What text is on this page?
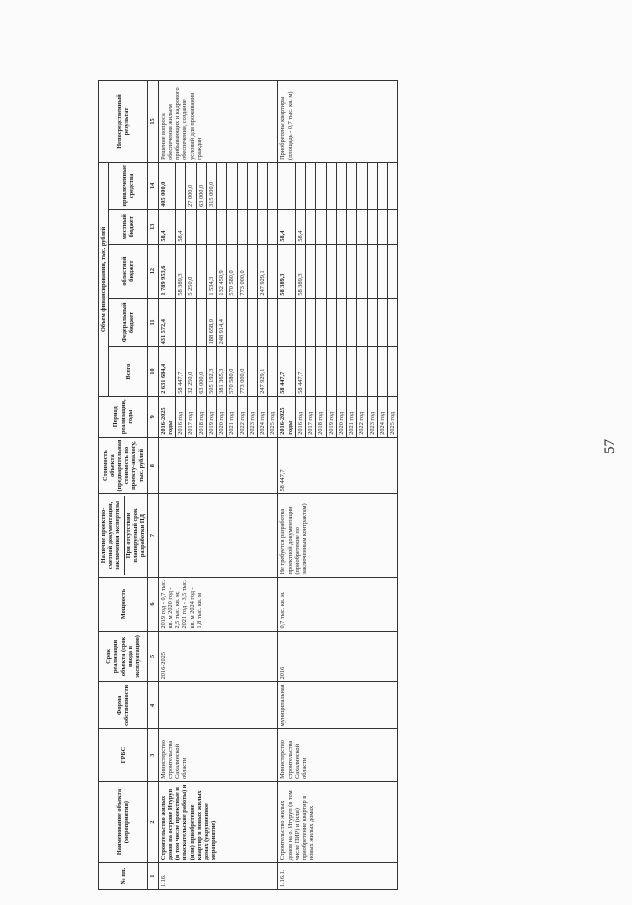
57
№ пп.	Наименование объекта (мероприятия)	ГРБС	Форма собственности	Срок реализации объекта (срок ввода в эксплуатацию)	Мощность	Наличие проектно-сметной документации, заключения экспертизы При отсутствии планируемый срок разработки ПД	Стоимость объекта (предварительная стоимость по проекту-аналогу, тыс. рублей	Период реализации, годы	Объем финансирования, тыс. рублей					Непосредственный результат
									Всего	Федеральный бюджет	областной бюджет	местный бюджет	привлеченные средства	

1	2	3	4	5	6	7	8	9	10	11	12	13	14	15
1.16.	Строительство жилых домов на острове Итуруп (в том числе проектные и изыскательские работы) и (или) приобретение квартир в новых жилых домах (укрупненное мероприятие)	Министерство строительства Сахалинской области		2016-2025	2019 год - 0,7 тыс. кв. м 2020 год - 2,5 тыс. кв. м; 2021 год - 3,5 тыс. кв. м 2024 год - 1,8 тыс. кв. м			2016-2025 годы	2 631 684,4	431 572,4	1 789 953,6	58,4	405 000,0	Решение вопроса обеспечения жильем прибывающих и кадрового обеспечения, создание условий для проживания граждан
								2016 год	58 447,7		58 389,3	58,4		
								2017 год	32 250,0		5 250,0		27 000,0	
								2018 год	63 000,0				63 000,0	
								2019 год	505 192,3	188 658,0	1 534,3		315 000,0	
								2020 год	381 365,3	248 914,4	132 450,9			
								2021 год	570 580,0		570 580,0			
								2022 год	773 000,0		773 000,0			
								2023 год						
								2024 год	247 929,1		247 929,1			
								2025 год						
1.16.1.	Строительство жилых домов на о. Итуруп (в том числе ПИР) и (или) приобретение квартир в новых жилых домах	Министерство строительства Сахалинской области	муниципальная	2016	0,7 тыс. кв. м.	Не требуется разработка проектной документации (приобретение по заключенным контрактам)	58 447,7	2016-2025 годы	58 447,7		58 389,3	58,4		Приобретены квартиры (площадь - 0,7 тыс. кв. м)
								2016 год	58 447,7		58 389,3	58,4		
								2017 год						
								2018 год						
								2019 год						
								2020 год						
								2021 год						
								2022 год						
								2023 год						
								2024 год						
								2025 год						
